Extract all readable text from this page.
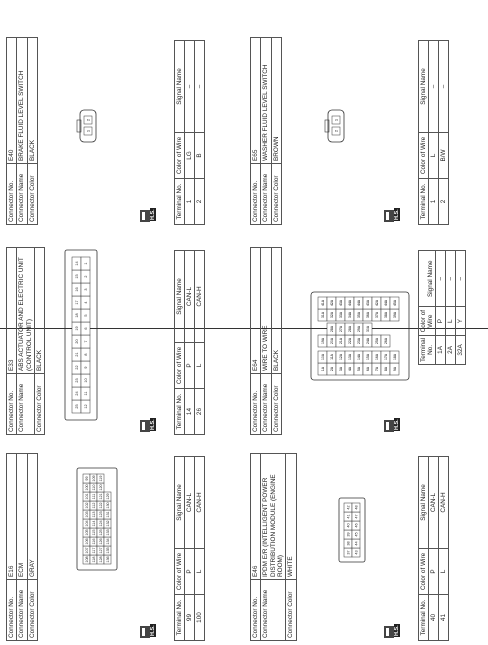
Connector No.	E16
Connector Name	ECM
Connector Color	GRAY
H.S.	Terminal No.	Color of Wire	Signal Name
99	P	CAN-L
100	L	CAN-H
108
107
106
105
104
103
102
101
100
99
118
117
116
115
114
113
112
111
110
109
128
127
126
125
124
123
122
121
120
119
136
135
134
133
132
131
130
129
Connector No.	E46
Connector Name	IPDM E/R (INTELLIGENT POWER DISTRIBUTION MODULE (ENGINE ROOM)
Connector Color	WHITE
H.S.	Terminal No.	Color of Wire	Signal Name
40	P	CAN-L
41	L	CAN-H
37
38
39
40
41
42
43
44
45
46
47
48
Connector No.	E33
Connector Name	ABS ACTUATOR AND ELECTRIC UNIT (CONTROL UNIT)
Connector Color	BLACK
H.S.	Terminal No.	Color of Wire	Signal Name
14	P	CAN-L
26	L	CAN-H
25
24
23
22
21
20
19
18
17
16
15
14
12
11
10
9
8
7
6
5
4
3
2
1
Connector No.	E64
Connector Name	WIRE TO WIRE
Connector Color	BLACK
H.S.
Terminal No.	Color of Wire	Signal Name
1A	P	–
2A	L	–
32A	Y	–
1A
10A
2A
11A
3A
12A
4A
13A
5A
14A
6A
15A
7A
16A
8A
17A
9A
18A
19A 20A
28A
21A
27A
22A
28A
23A
29A
24A
30A
25A 26A
31A
41A
32A
42A
33A
43A
34A
44A
35A
44A
36A
43A
37A
42A
38A
44A
39A
45A
Connector No.	E40
Connector Name	BRAKE FLUID LEVEL SWITCH
Connector Color	BLACK
H.S.	Terminal No.	Color of Wire	Signal Name
1	LG	–
2	B	–
1
2
Connector No.	E65
Connector Name	WASHER FLUID LEVEL SWITCH
Connector Color	BROWN
H.S.	Terminal No.	Color of Wire	Signal Name
1	L	–
2	B/W	–
2
1
